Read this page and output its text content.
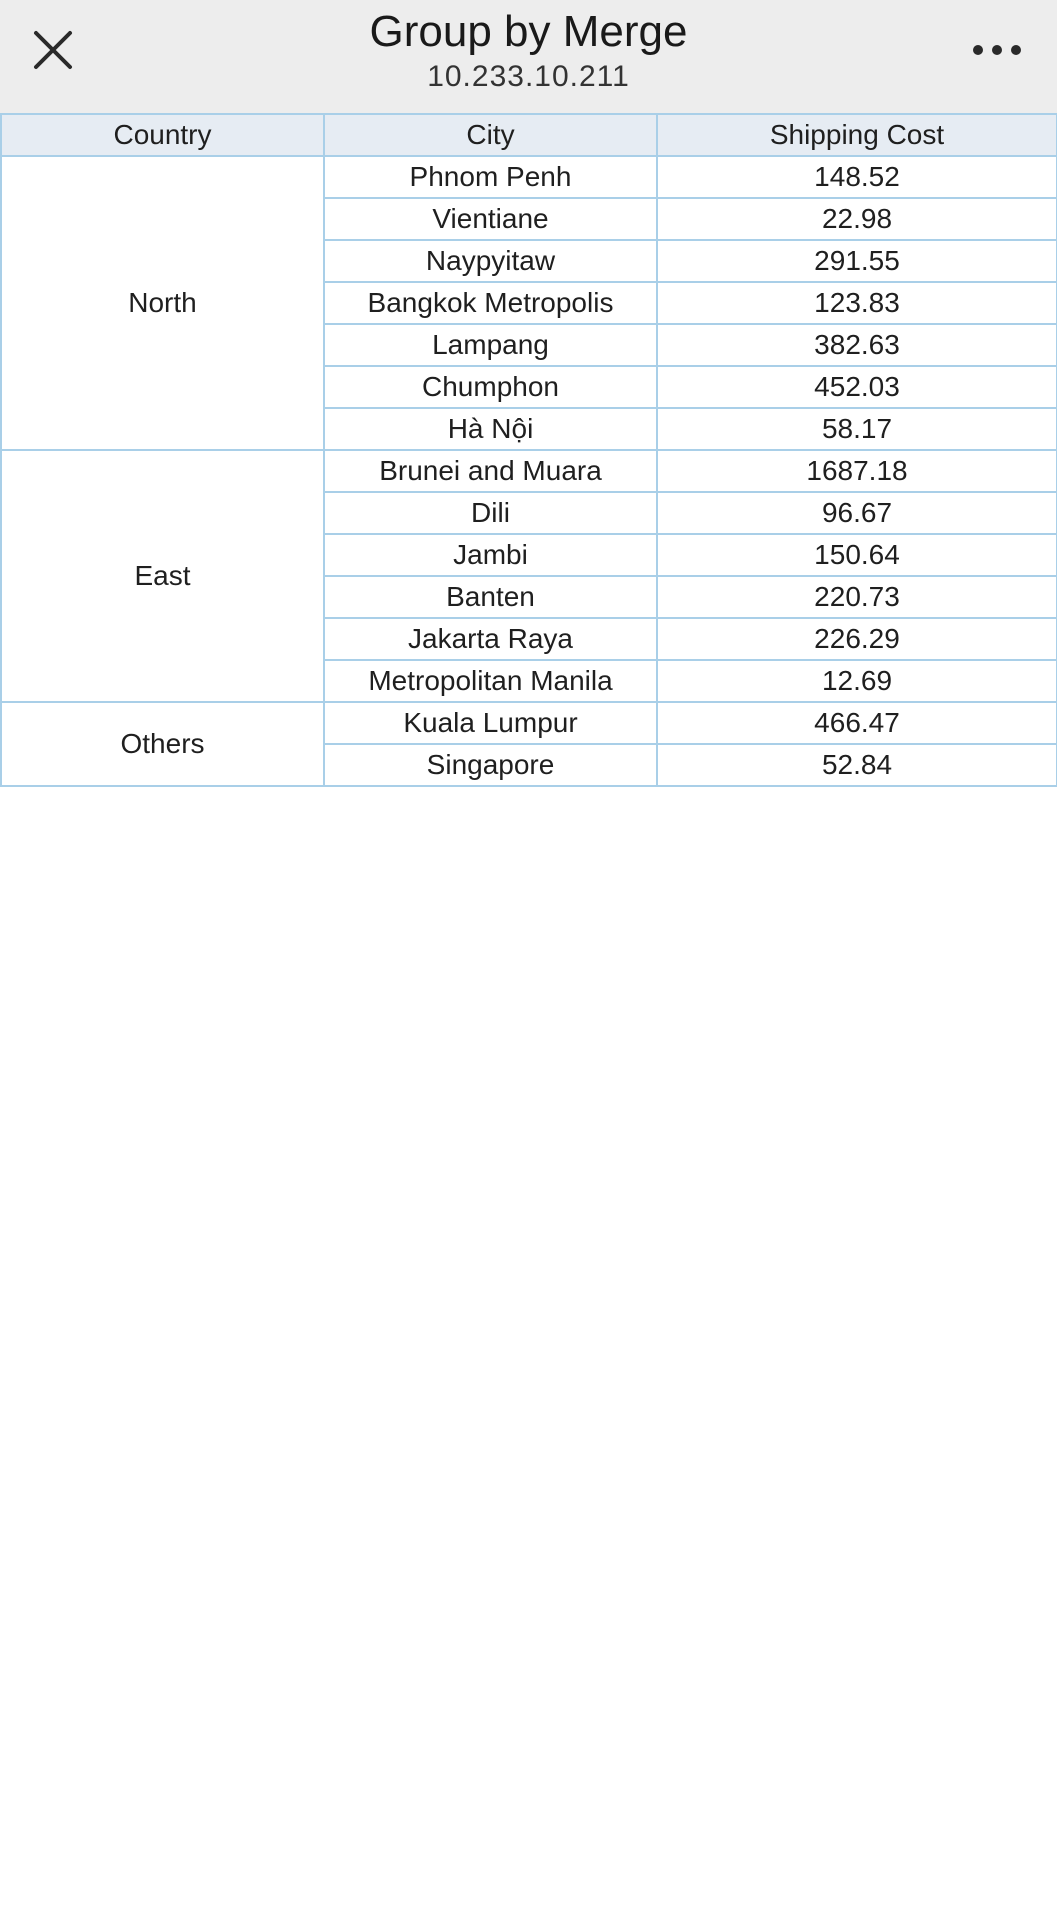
Group by Merge
10.233.10.211
Country	City	Shipping Cost
North	Phnom Penh	148.52
	Vientiane	22.98
	Naypyitaw	291.55
	Bangkok Metropolis	123.83
	Lampang	382.63
	Chumphon	452.03
	Hà Nội	58.17
East	Brunei and Muara	1687.18
	Dili	96.67
	Jambi	150.64
	Banten	220.73
	Jakarta Raya	226.29
	Metropolitan Manila	12.69
Others	Kuala Lumpur	466.47
	Singapore	52.84
